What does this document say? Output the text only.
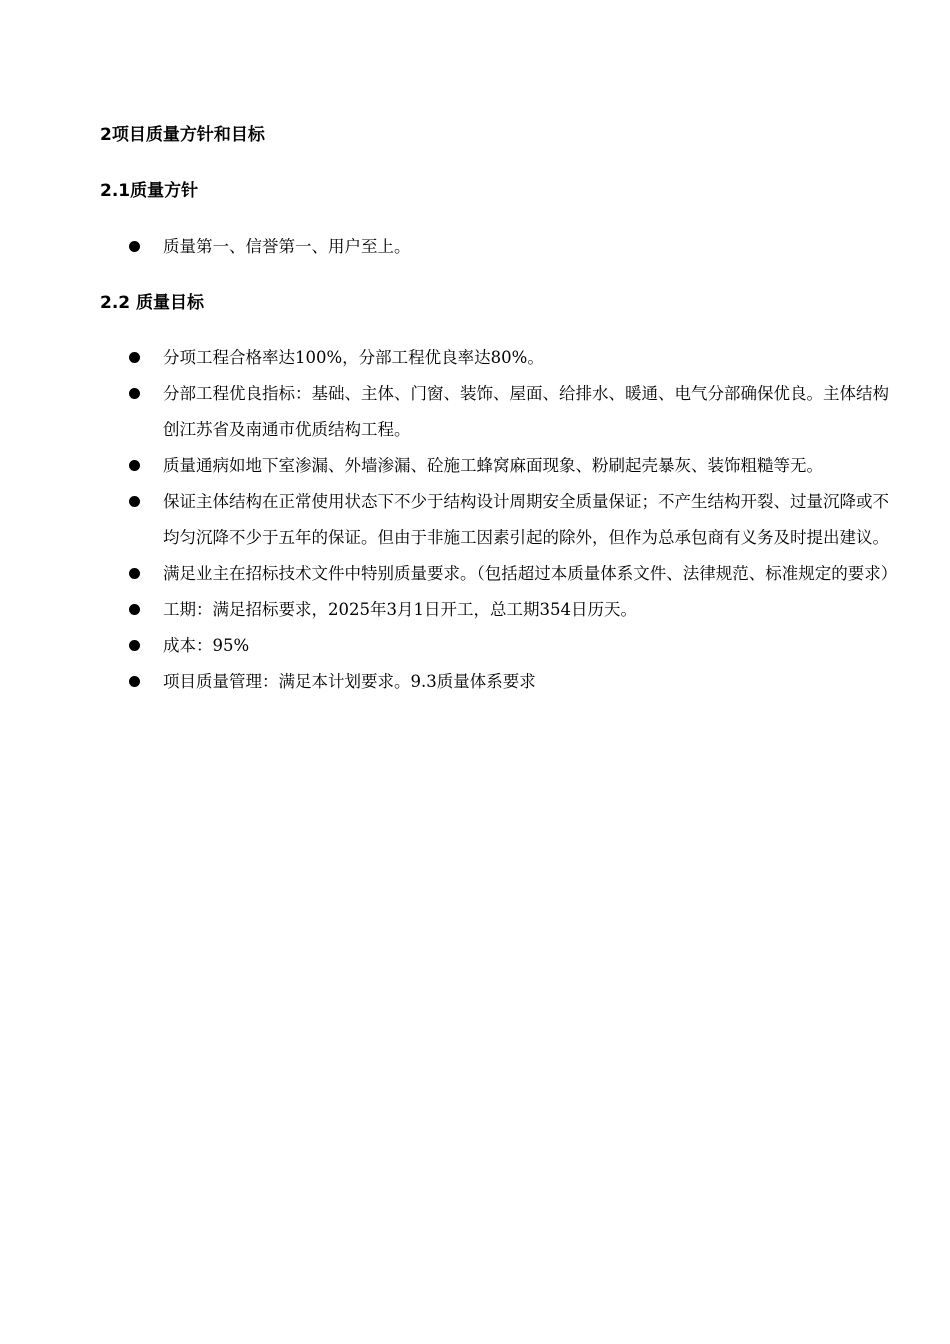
2项目质量方针和目标
2.1质量方针
质量第一、信誉第一、用户至上。
2.2 质量目标
分项工程合格率达100%，分部工程优良率达80%。
分部工程优良指标：基础、主体、门窗、装饰、屋面、给排水、暖通、电气分部确保优良。主体结构创江苏省及南通市优质结构工程。
质量通病如地下室渗漏、外墙渗漏、砼施工蜂窝麻面现象、粉刷起壳暴灰、装饰粗糙等无。
保证主体结构在正常使用状态下不少于结构设计周期安全质量保证；不产生结构开裂、过量沉降或不均匀沉降不少于五年的保证。但由于非施工因素引起的除外，但作为总承包商有义务及时提出建议。
满足业主在招标技术文件中特别质量要求。（包括超过本质量体系文件、法律规范、标准规定的要求）
工期：满足招标要求，2025年3月1日开工，总工期354日历天。
成本：95%
项目质量管理：满足本计划要求。9.3质量体系要求
